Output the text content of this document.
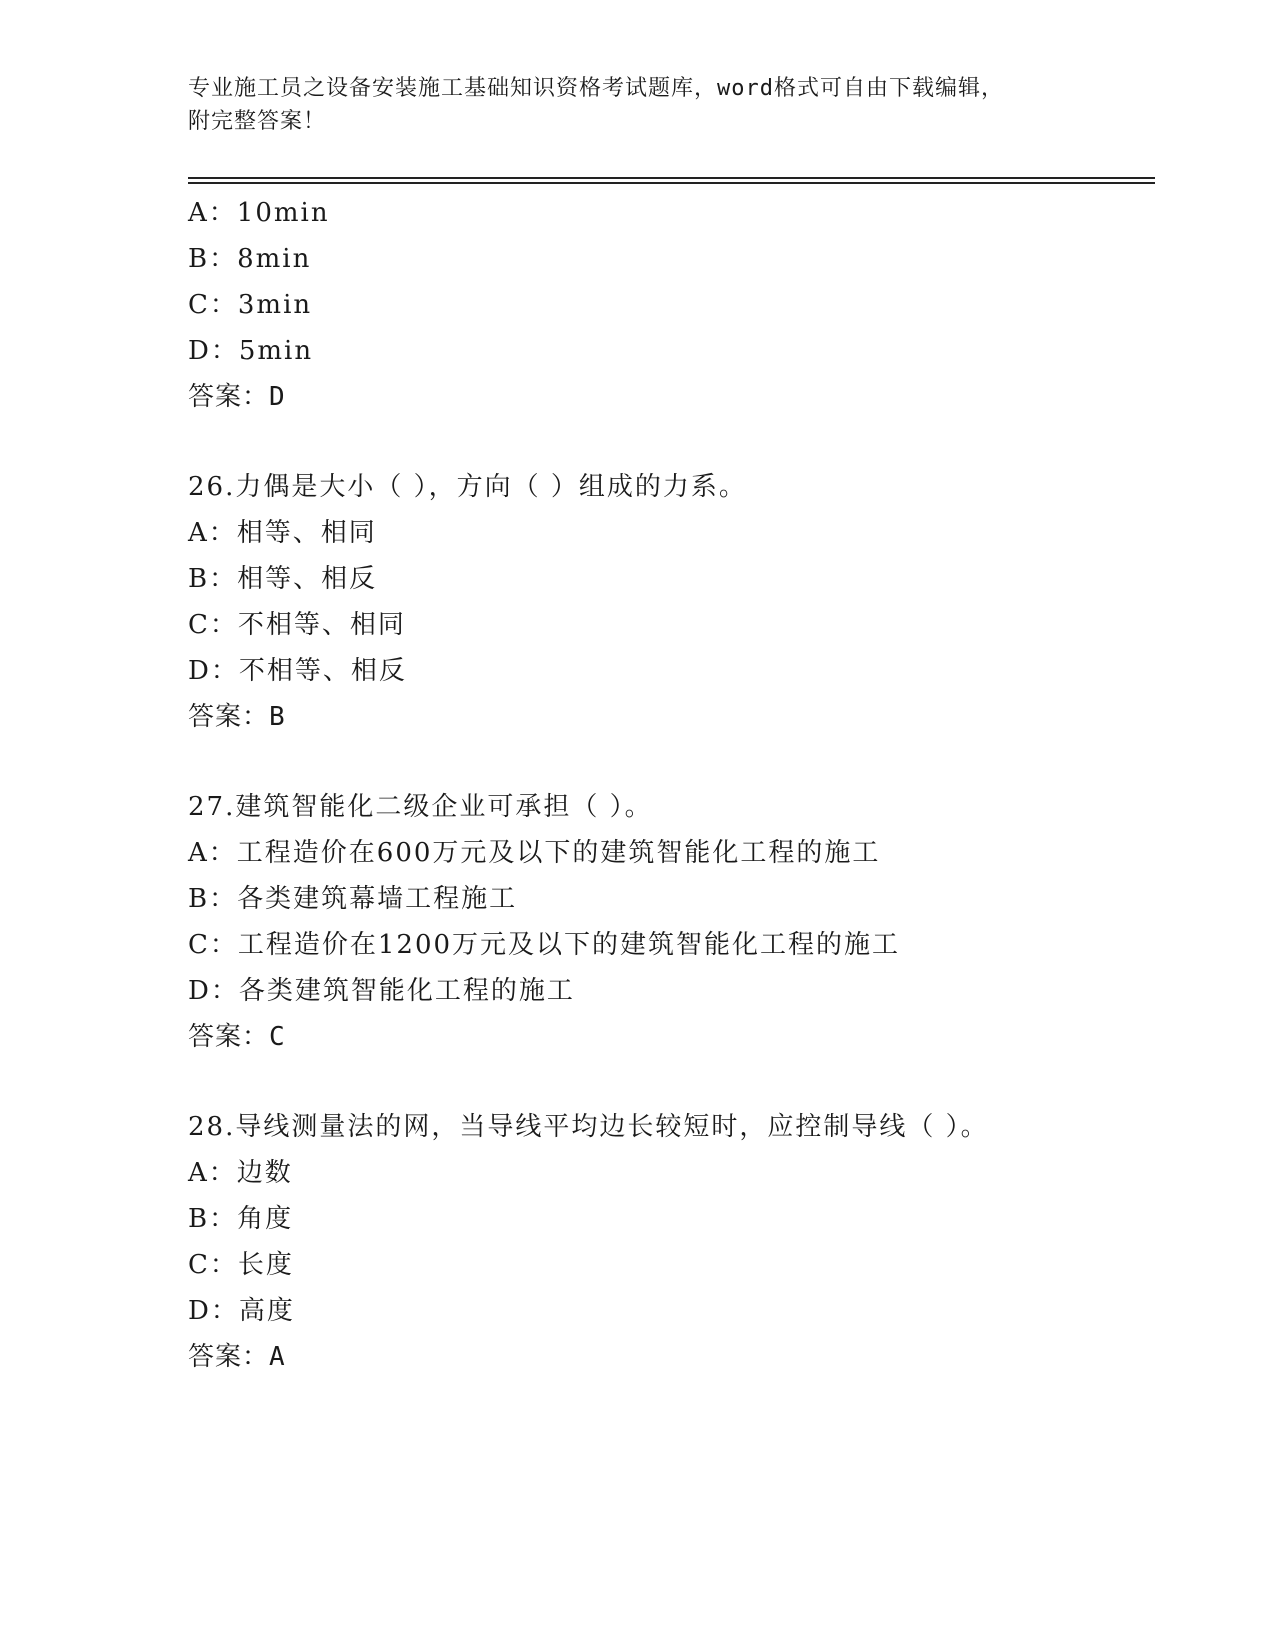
专业施工员之设备安装施工基础知识资格考试题库，word格式可自由下载编辑，
附完整答案！
A：10min
B：8min
C：3min
D：5min
答案：D
26.力偶是大小（ ），方向（ ）组成的力系。
A：相等、相同
B：相等、相反
C：不相等、相同
D：不相等、相反
答案：B
27.建筑智能化二级企业可承担（ ）。
A：工程造价在600万元及以下的建筑智能化工程的施工
B：各类建筑幕墙工程施工
C：工程造价在1200万元及以下的建筑智能化工程的施工
D：各类建筑智能化工程的施工
答案：C
28.导线测量法的网，当导线平均边长较短时，应控制导线（ ）。
A：边数
B：角度
C：长度
D：高度
答案：A
